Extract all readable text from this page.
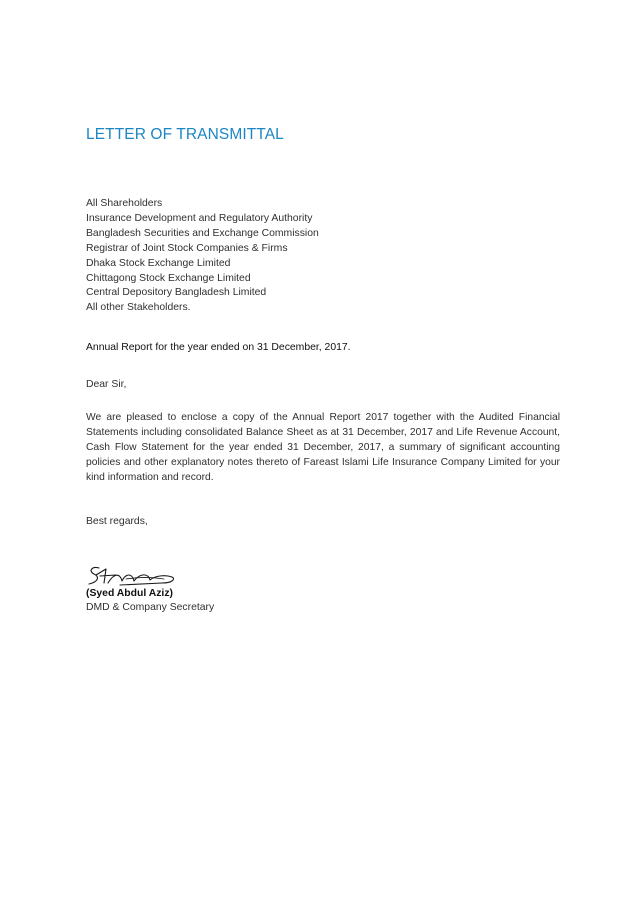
LETTER OF TRANSMITTAL
All Shareholders
Insurance Development and Regulatory Authority
Bangladesh Securities and Exchange Commission
Registrar of Joint Stock Companies & Firms
Dhaka Stock Exchange Limited
Chittagong Stock Exchange Limited
Central Depository Bangladesh Limited
All other Stakeholders.
Annual Report for the year ended on 31 December, 2017.
Dear Sir,
We are pleased to enclose a copy of the Annual Report 2017 together with the Audited Financial Statements including consolidated Balance Sheet as at 31 December, 2017 and Life Revenue Account, Cash Flow Statement for the year ended 31 December, 2017, a summary of significant accounting policies and other explanatory notes thereto of Fareast Islami Life Insurance Company Limited for your kind information and record.
Best regards,
(Syed Abdul Aziz)
DMD & Company Secretary
